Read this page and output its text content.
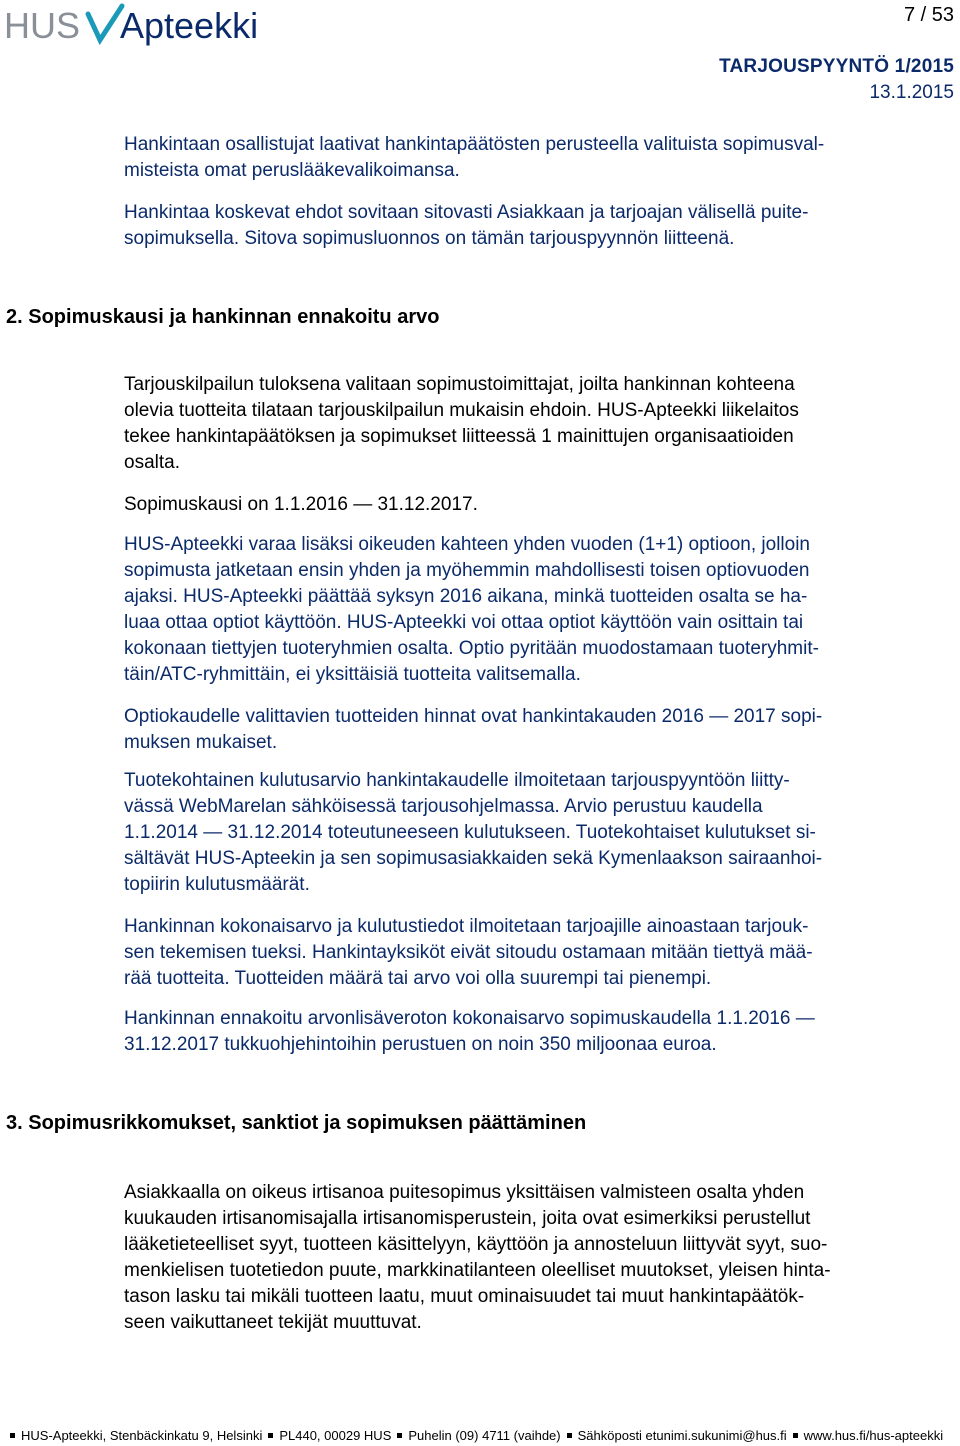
HUS Apteekki	7 / 53
TARJOUSPYYNTÖ 1/2015
13.1.2015

Hankintaan osallistujat laativat hankintapäätösten perusteella valituista sopimusval-
misteista omat peruslääkevalikoimansa.

Hankintaa koskevat ehdot sovitaan sitovasti Asiakkaan ja tarjoajan välisellä puite-
sopimuksella. Sitova sopimusluonnos on tämän tarjouspyynnön liitteenä.

2. Sopimuskausi ja hankinnan ennakoitu arvo

Tarjouskilpailun tuloksena valitaan sopimustoimittajat, joilta hankinnan kohteena
olevia tuotteita tilataan tarjouskilpailun mukaisin ehdoin. HUS-Apteekki liikelaitos
tekee hankintapäätöksen ja sopimukset liitteessä 1 mainittujen organisaatioiden
osalta.

Sopimuskausi on 1.1.2016 — 31.12.2017.

HUS-Apteekki varaa lisäksi oikeuden kahteen yhden vuoden (1+1) optioon, jolloin
sopimusta jatketaan ensin yhden ja myöhemmin mahdollisesti toisen optiovuoden
ajaksi. HUS-Apteekki päättää syksyn 2016 aikana, minkä tuotteiden osalta se ha-
luaa ottaa optiot käyttöön. HUS-Apteekki voi ottaa optiot käyttöön vain osittain tai
kokonaan tiettyjen tuoteryhmien osalta. Optio pyritään muodostamaan tuoteryhmit-
täin/ATC-ryhmittäin, ei yksittäisiä tuotteita valitsemalla.

Optiokaudelle valittavien tuotteiden hinnat ovat hankintakauden 2016 — 2017 sopi-
muksen mukaiset.

Tuotekohtainen kulutusarvio hankintakaudelle ilmoitetaan tarjouspyyntöön liitty-
vässä WebMarelan sähköisessä tarjousohjelmassa. Arvio perustuu kaudella
1.1.2014 — 31.12.2014 toteutuneeseen kulutukseen. Tuotekohtaiset kulutukset si-
sältävät HUS-Apteekin ja sen sopimusasiakkaiden sekä Kymenlaakson sairaanhoi-
topiirin kulutusmäärät.

Hankinnan kokonaisarvo ja kulutustiedot ilmoitetaan tarjoajille ainoastaan tarjouk-
sen tekemisen tueksi. Hankintayksiköt eivät sitoudu ostamaan mitään tiettyä mää-
rää tuotteita. Tuotteiden määrä tai arvo voi olla suurempi tai pienempi.

Hankinnan ennakoitu arvonlisäveroton kokonaisarvo sopimuskaudella 1.1.2016 —
31.12.2017 tukkuohjehintoihin perustuen on noin 350 miljoonaa euroa.

3. Sopimusrikkomukset, sanktiot ja sopimuksen päättäminen

Asiakkaalla on oikeus irtisanoa puitesopimus yksittäisen valmisteen osalta yhden
kuukauden irtisanomisajalla irtisanomisperustein, joita ovat esimerkiksi perustellut
lääketieteelliset syyt, tuotteen käsittelyyn, käyttöön ja annosteluun liittyvät syyt, suo-
menkielisen tuotetiedon puute, markkinatilanteen oleelliset muutokset, yleisen hinta-
tason lasku tai mikäli tuotteen laatu, muut ominaisuudet tai muut hankintapäätök-
seen vaikuttaneet tekijät muuttuvat.

HUS-Apteekki, Stenbäckinkatu 9, Helsinki PL440, 00029 HUS Puhelin (09) 4711 (vaihde) Sähköposti etunimi.sukunimi@hus.fi www.hus.fi/hus-apteekki
